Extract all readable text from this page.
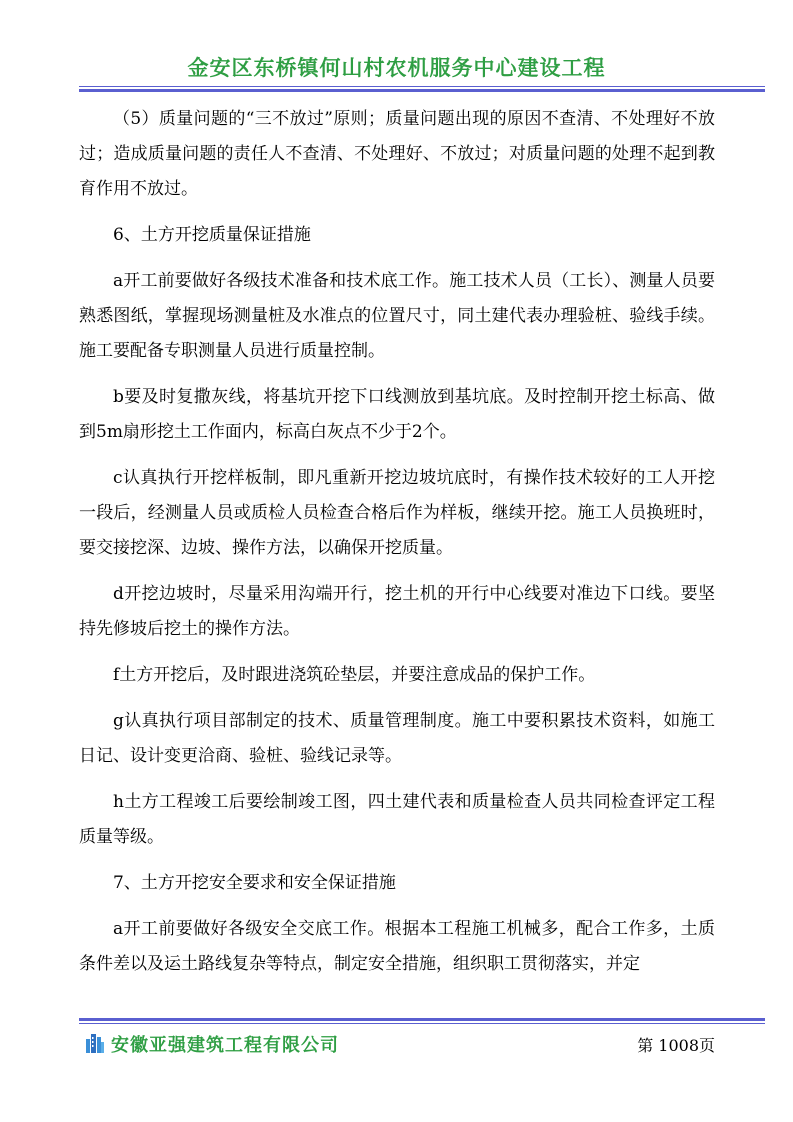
金安区东桥镇何山村农机服务中心建设工程

（5）质量问题的“三不放过”原则；质量问题出现的原因不查清、不处理好不放过；造成质量问题的责任人不查清、不处理好、不放过；对质量问题的处理不起到教育作用不放过。

6、土方开挖质量保证措施

a开工前要做好各级技术准备和技术底工作。施工技术人员（工长）、测量人员要熟悉图纸，掌握现场测量桩及水准点的位置尺寸，同土建代表办理验桩、验线手续。施工要配备专职测量人员进行质量控制。

b要及时复撒灰线，将基坑开挖下口线测放到基坑底。及时控制开挖土标高、做到5m扇形挖土工作面内，标高白灰点不少于2个。

c认真执行开挖样板制，即凡重新开挖边坡坑底时，有操作技术较好的工人开挖一段后，经测量人员或质检人员检查合格后作为样板，继续开挖。施工人员换班时，要交接挖深、边坡、操作方法，以确保开挖质量。

d开挖边坡时，尽量采用沟端开行，挖土机的开行中心线要对准边下口线。要坚持先修坡后挖土的操作方法。

f土方开挖后，及时跟进浇筑砼垫层，并要注意成品的保护工作。

g认真执行项目部制定的技术、质量管理制度。施工中要积累技术资料，如施工日记、设计变更洽商、验桩、验线记录等。

h土方工程竣工后要绘制竣工图，四土建代表和质量检查人员共同检查评定工程质量等级。

7、土方开挖安全要求和安全保证措施

a开工前要做好各级安全交底工作。根据本工程施工机械多，配合工作多，土质条件差以及运土路线复杂等特点，制定安全措施，组织职工贯彻落实，并定

安徽亚强建筑工程有限公司	第 1008页
